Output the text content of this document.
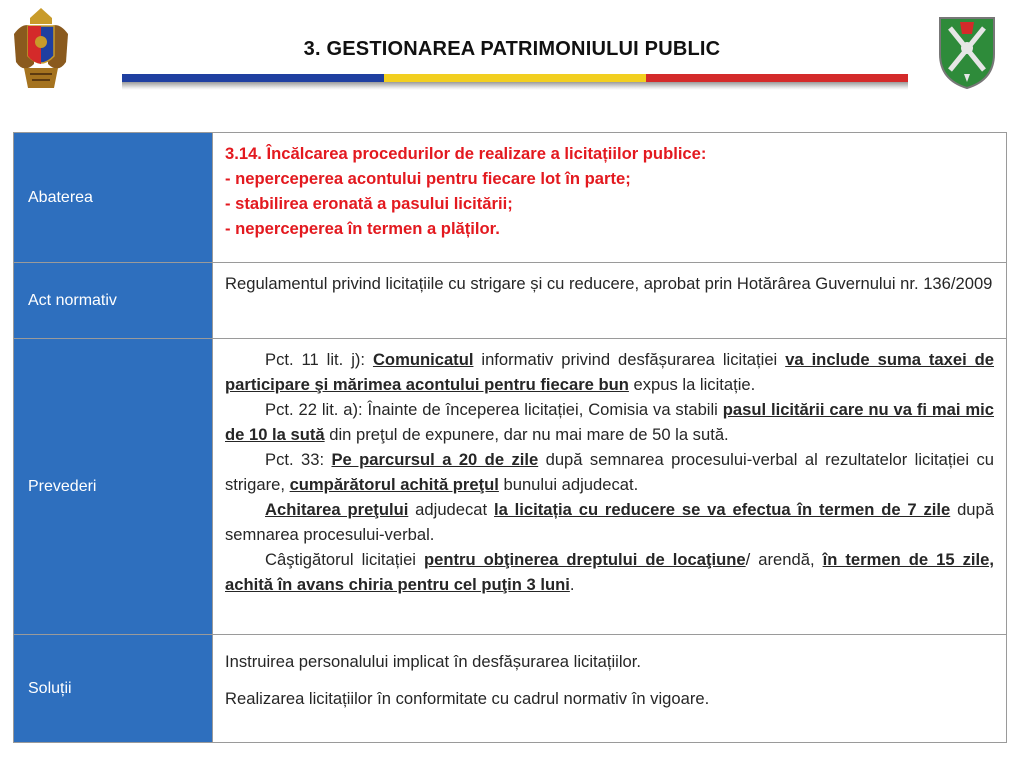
3. GESTIONAREA PATRIMONIULUI PUBLIC
Abaterea	3.14. Încălcarea procedurilor de realizare a licitațiilor publice:
- neperceperea acontului pentru fiecare lot în parte;
- stabilirea eronată a pasului licitării;
- neperceperea în termen a plăților.

Act normativ	Regulamentul privind licitațiile cu strigare și cu reducere, aprobat prin Hotărârea Guvernului nr. 136/2009
Prevederi	Pct. 11 lit. j): Comunicatul informativ privind desfășurarea licitației va include suma taxei de participare şi mărimea acontului pentru fiecare bun expus la licitație.
Pct. 22 lit. a): Înainte de începerea licitației, Comisia va stabili pasul licitării care nu va fi mai mic de 10 la sută din preţul de expunere, dar nu mai mare de 50 la sută.
Pct. 33: Pe parcursul a 20 de zile după semnarea procesului-verbal al rezultatelor licitației cu strigare, cumpărătorul achită preţul bunului adjudecat.
Achitarea preţului adjudecat la licitația cu reducere se va efectua în termen de 7 zile după semnarea procesului-verbal.
Câştigătorul licitației pentru obţinerea dreptului de locaţiune/ arendă, în termen de 15 zile, achită în avans chiria pentru cel puţin 3 luni.

Soluții	Instruirea personalului implicat în desfășurarea licitațiilor.

Realizarea licitațiilor în conformitate cu cadrul normativ în vigoare.
